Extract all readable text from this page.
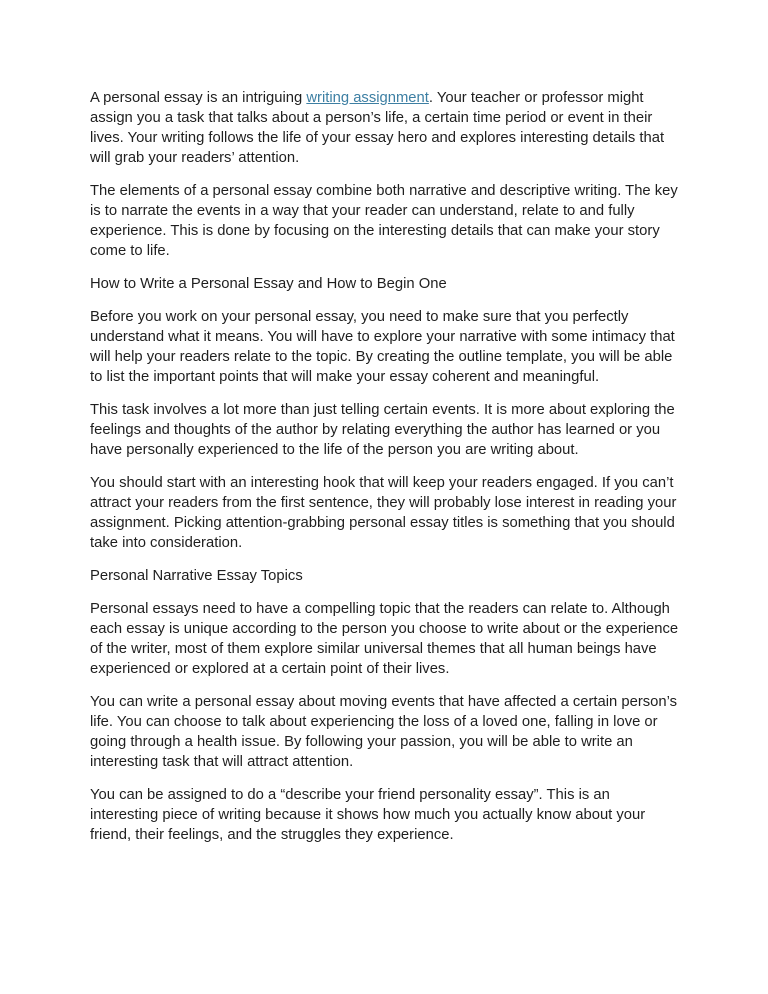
A personal essay is an intriguing writing assignment. Your teacher or professor might assign you a task that talks about a person’s life, a certain time period or event in their lives. Your writing follows the life of your essay hero and explores interesting details that will grab your readers’ attention.

The elements of a personal essay combine both narrative and descriptive writing. The key is to narrate the events in a way that your reader can understand, relate to and fully experience. This is done by focusing on the interesting details that can make your story come to life.

How to Write a Personal Essay and How to Begin One

Before you work on your personal essay, you need to make sure that you perfectly understand what it means. You will have to explore your narrative with some intimacy that will help your readers relate to the topic. By creating the outline template, you will be able to list the important points that will make your essay coherent and meaningful.

This task involves a lot more than just telling certain events. It is more about exploring the feelings and thoughts of the author by relating everything the author has learned or you have personally experienced to the life of the person you are writing about.

You should start with an interesting hook that will keep your readers engaged. If you can’t attract your readers from the first sentence, they will probably lose interest in reading your assignment. Picking attention-grabbing personal essay titles is something that you should take into consideration.

Personal Narrative Essay Topics

Personal essays need to have a compelling topic that the readers can relate to. Although each essay is unique according to the person you choose to write about or the experience of the writer, most of them explore similar universal themes that all human beings have experienced or explored at a certain point of their lives.

You can write a personal essay about moving events that have affected a certain person’s life. You can choose to talk about experiencing the loss of a loved one, falling in love or going through a health issue. By following your passion, you will be able to write an interesting task that will attract attention.

You can be assigned to do a “describe your friend personality essay”. This is an interesting piece of writing because it shows how much you actually know about your friend, their feelings, and the struggles they experience.
